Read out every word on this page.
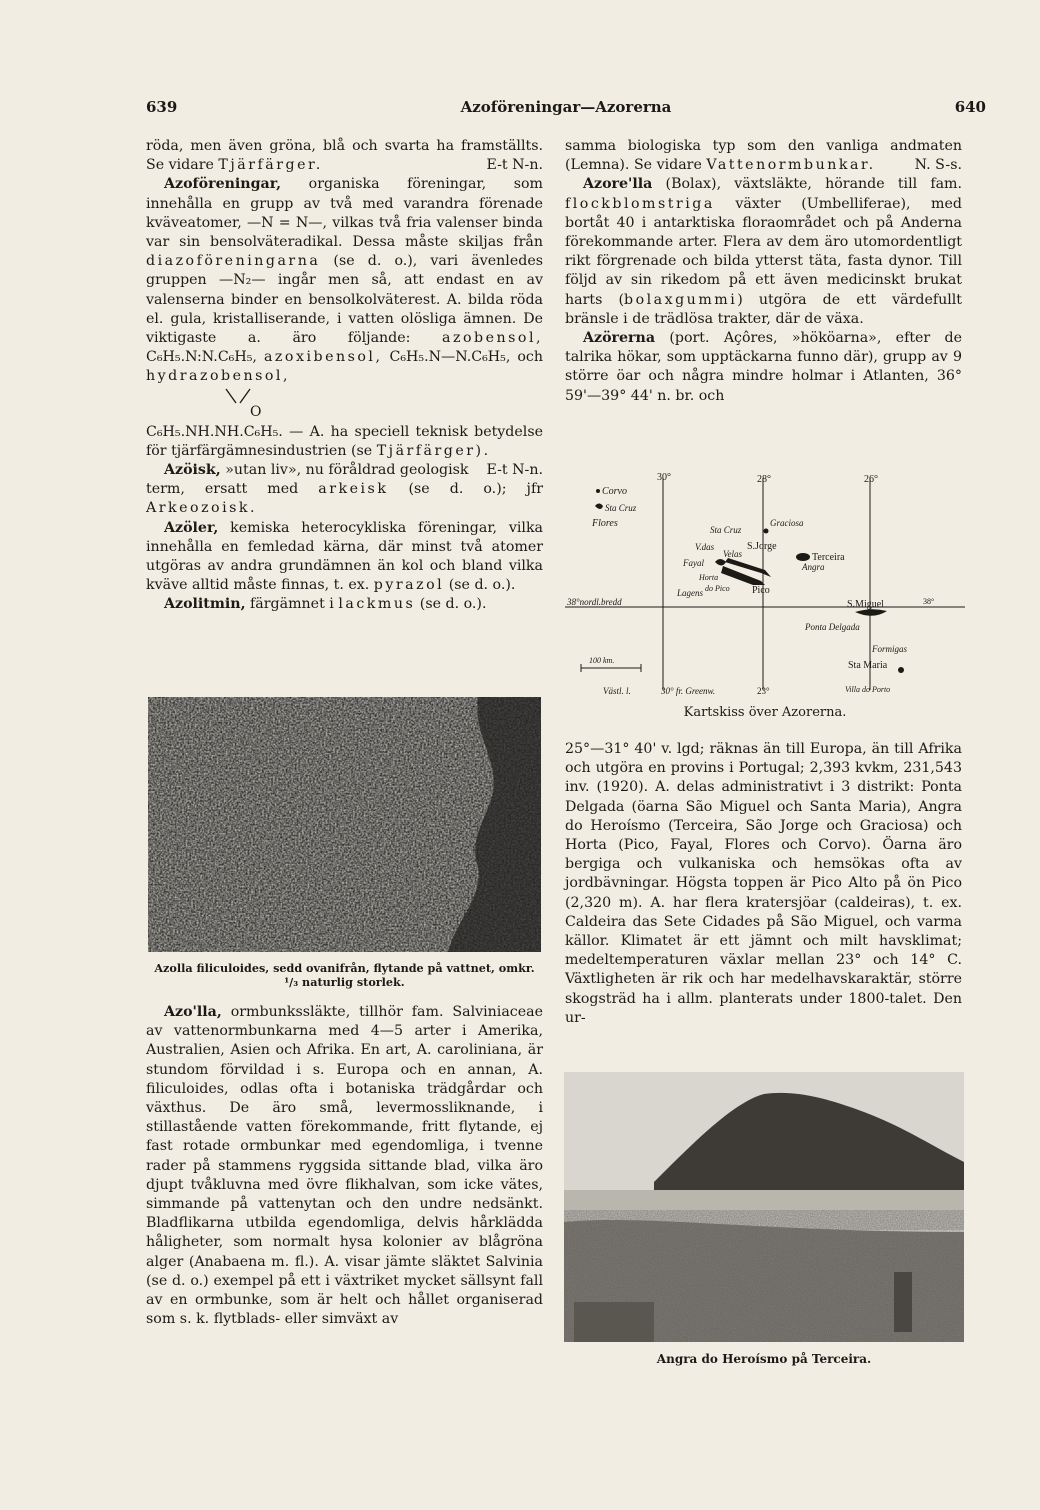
639	Azoföreningar—Azorerna	640

röda, men även gröna, blå och svarta ha framställts. Se vidare Tjärfärger.	E-t N-n.

Azoföreningar, organiska föreningar, som innehålla en grupp av två med varandra förenade kväveatomer, —N = N—, vilkas två fria valenser binda var sin bensolväteradikal. Dessa måste skiljas från diazoföreningarna (se d. o.), vari ävenledes gruppen —N₂— ingår men så, att endast en av valenserna binder en bensolkolväterest. A. bilda röda el. gula, kristalliserande, i vatten olösliga ämnen. De viktigaste a. äro följande: azobensol, C₆H₅.N:N.C₆H₅, azoxibensol, C₆H₅.N—N.C₆H₅, och hydrazobensol,
O
C₆H₅.NH.NH.C₆H₅. — A. ha speciell teknisk betydelse för tjärfärgämnesindustrien (se Tjärfärger).
E-t N-n.

Azöisk, »utan liv», nu föråldrad geologisk term, ersatt med arkeisk (se d. o.); jfr Arkeozoisk.

Azöler, kemiska heterocykliska föreningar, vilka innehålla en femledad kärna, där minst två atomer utgöras av andra grundämnen än kol och bland vilka kväve alltid måste finnas, t. ex. pyrazol (se d. o.).

Azolitmin, färgämnet i lackmus (se d. o.).

Azolla filiculoides, sedd ovanifrån, flytande på vattnet, omkr. ¹/₃ naturlig storlek.

Azo'lla, ormbunkssläkte, tillhör fam. Salviniaceae av vattenormbunkarna med 4—5 arter i Amerika, Australien, Asien och Afrika. En art, A. caroliniana, är stundom förvildad i s. Europa och en annan, A. filiculoides, odlas ofta i botaniska trädgårdar och växthus. De äro små, levermossliknande, i stillastående vatten förekommande, fritt flytande, ej fast rotade ormbunkar med egendomliga, i tvenne rader på stammens ryggsida sittande blad, vilka äro djupt tvåkluvna med övre flikhalvan, som icke vätes, simmande på vattenytan och den undre nedsänkt. Bladflikarna utbilda egendomliga, delvis hårklädda håligheter, som normalt hysa kolonier av blågröna alger (Anabaena m. fl.). A. visar jämte släktet Salvinia (se d. o.) exempel på ett i växtriket mycket sällsynt fall av en ormbunke, som är helt och hållet organiserad som s. k. flytblads- eller simväxt av

samma biologiska typ som den vanliga andmaten (Lemna). Se vidare Vattenormbunkar.	N. S-s.

Azore'lla (Bolax), växtsläkte, hörande till fam. flockblomstriga växter (Umbelliferae), med bortåt 40 i antarktiska floraområdet och på Anderna förekommande arter. Flera av dem äro utomordentligt rikt förgrenade och bilda ytterst täta, fasta dynor. Till följd av sin rikedom på ett även medicinskt brukat harts (bolaxgummi) utgöra de ett värdefullt bränsle i de trädlösa trakter, där de växa.

Azörerna (port. Açôres, »hököarna», efter de talrika hökar, som upptäckarna funno där), grupp av 9 större öar och några mindre holmar i Atlanten, 36° 59'—39° 44' n. br. och

30°	28°	26°
Corvo
Sta Cruz
Flores
Sta Cruz
Graciosa
V.das
Velas
S.Jorge
Terceira
Angra
Fayal
Horta
Lagens do Pico Pico
38°nordl.bredd	S.Miguel	38°
Ponta Delgada
Formigas
100 km.	Sta Maria
Villa do Porto
Västl. l.	30° fr. Greenw.	23°
Kartskiss över Azorerna.

25°—31° 40' v. lgd; räknas än till Europa, än till Afrika och utgöra en provins i Portugal; 2,393 kvkm, 231,543 inv. (1920). A. delas administrativt i 3 distrikt: Ponta Delgada (öarna São Miguel och Santa Maria), Angra do Heroísmo (Terceira, São Jorge och Graciosa) och Horta (Pico, Fayal, Flores och Corvo). Öarna äro bergiga och vulkaniska och hemsökas ofta av jordbävningar. Högsta toppen är Pico Alto på ön Pico (2,320 m). A. har flera kratersjöar (caldeiras), t. ex. Caldeira das Sete Cidades på São Miguel, och varma källor. Klimatet är ett jämnt och milt havsklimat; medeltemperaturen växlar mellan 23° och 14° C. Växtligheten är rik och har medelhavskaraktär, större skogsträd ha i allm. planterats under 1800-talet. Den ur-

Angra do Heroísmo på Terceira.
